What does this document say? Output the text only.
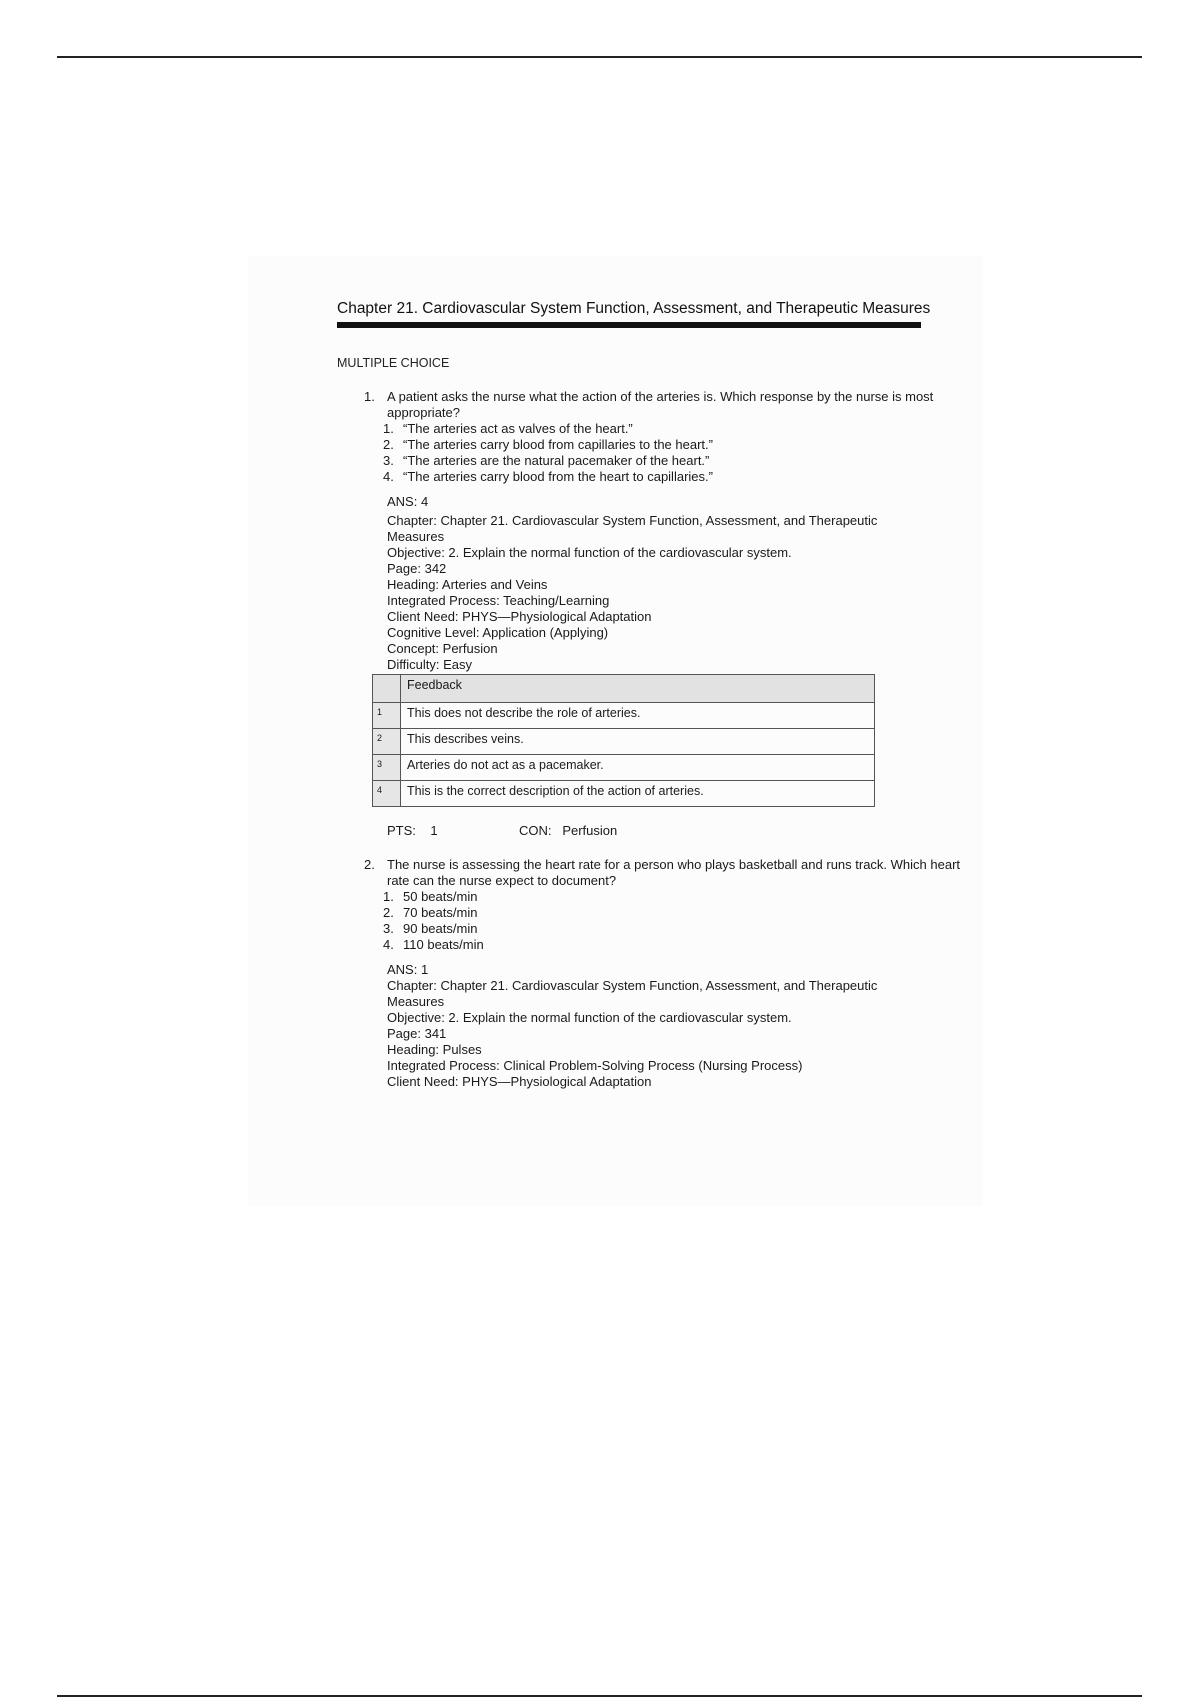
Chapter 21. Cardiovascular System Function, Assessment, and Therapeutic Measures
MULTIPLE CHOICE
1. A patient asks the nurse what the action of the arteries is. Which response by the nurse is most appropriate?
1. “The arteries act as valves of the heart.”
2. “The arteries carry blood from capillaries to the heart.”
3. “The arteries are the natural pacemaker of the heart.”
4. “The arteries carry blood from the heart to capillaries.”
ANS: 4
Chapter: Chapter 21. Cardiovascular System Function, Assessment, and Therapeutic Measures
Objective: 2. Explain the normal function of the cardiovascular system.
Page: 342
Heading: Arteries and Veins
Integrated Process: Teaching/Learning
Client Need: PHYS—Physiological Adaptation
Cognitive Level: Application (Applying)
Concept: Perfusion
Difficulty: Easy
	Feedback
1	This does not describe the role of arteries.
2	This describes veins.
3	Arteries do not act as a pacemaker.
4	This is the correct description of the action of arteries.
PTS: 1	CON: Perfusion
2. The nurse is assessing the heart rate for a person who plays basketball and runs track. Which heart rate can the nurse expect to document?
1. 50 beats/min
2. 70 beats/min
3. 90 beats/min
4. 110 beats/min
ANS: 1
Chapter: Chapter 21. Cardiovascular System Function, Assessment, and Therapeutic Measures
Objective: 2. Explain the normal function of the cardiovascular system.
Page: 341
Heading: Pulses
Integrated Process: Clinical Problem-Solving Process (Nursing Process)
Client Need: PHYS—Physiological Adaptation
